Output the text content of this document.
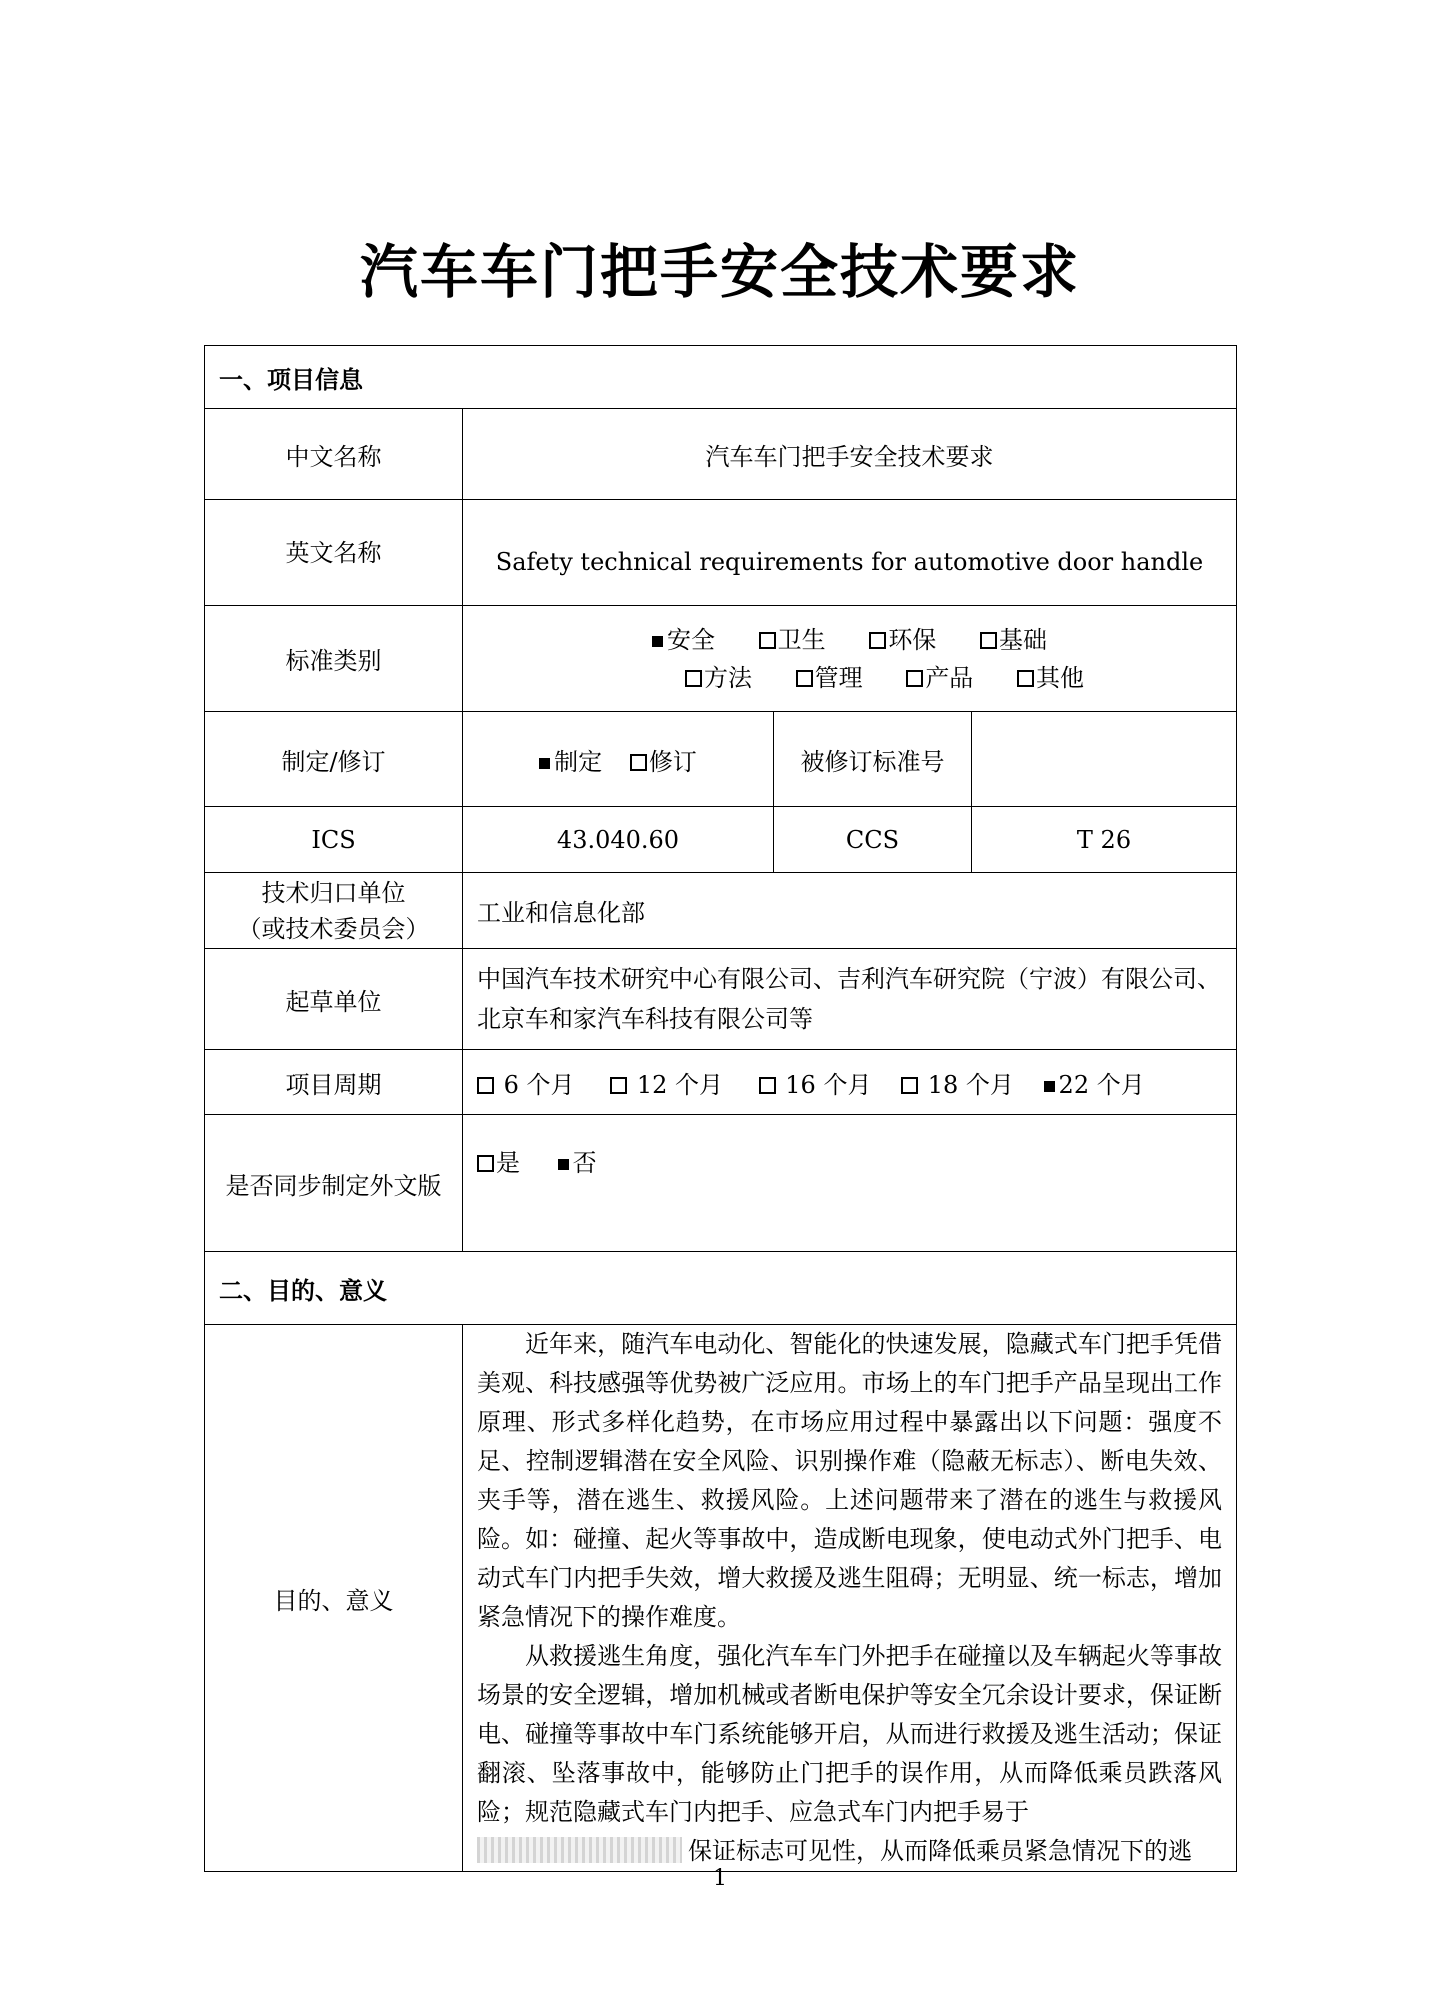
汽车车门把手安全技术要求
一、项目信息			
中文名称	汽车车门把手安全技术要求		
英文名称	Safety technical requirements for automotive door handle		
标准类别	安全 卫生 环保 基础
方法 管理 产品 其他		

制定/修订	制定 修订	被修订标准号	
ICS	43.040.60	CCS	T 26

技术归口单位
（或技术委员会）	工业和信息化部		
起草单位	中国汽车技术研究中心有限公司、吉利汽车研究院（宁波）有限公司、北京车和家汽车科技有限公司等		
项目周期	6 个月 12 个月 16 个月 18 个月 22 个月		
是否同步制定外文版	是 否		
二、目的、意义			
目的、意义	近年来，随汽车电动化、智能化的快速发展，隐藏式车门把手凭借美观、科技感强等优势被广泛应用。市场上的车门把手产品呈现出工作原理、形式多样化趋势，在市场应用过程中暴露出以下问题：强度不足、控制逻辑潜在安全风险、识别操作难（隐蔽无标志）、断电失效、夹手等，潜在逃生、救援风险。上述问题带来了潜在的逃生与救援风险。如：碰撞、起火等事故中，造成断电现象，使电动式外门把手、电动式车门内把手失效，增大救援及逃生阻碍；无明显、统一标志，增加紧急情况下的操作难度。

从救援逃生角度，强化汽车车门外把手在碰撞以及车辆起火等事故场景的安全逻辑，增加机械或者断电保护等安全冗余设计要求，保证断电、碰撞等事故中车门系统能够开启，从而进行救援及逃生活动；保证翻滚、坠落事故中，能够防止门把手的误作用，从而降低乘员跌落风险；规范隐藏式车门内把手、应急式车门内把手易于
保证标志可见性，从而降低乘员紧急情况下的逃		

1
